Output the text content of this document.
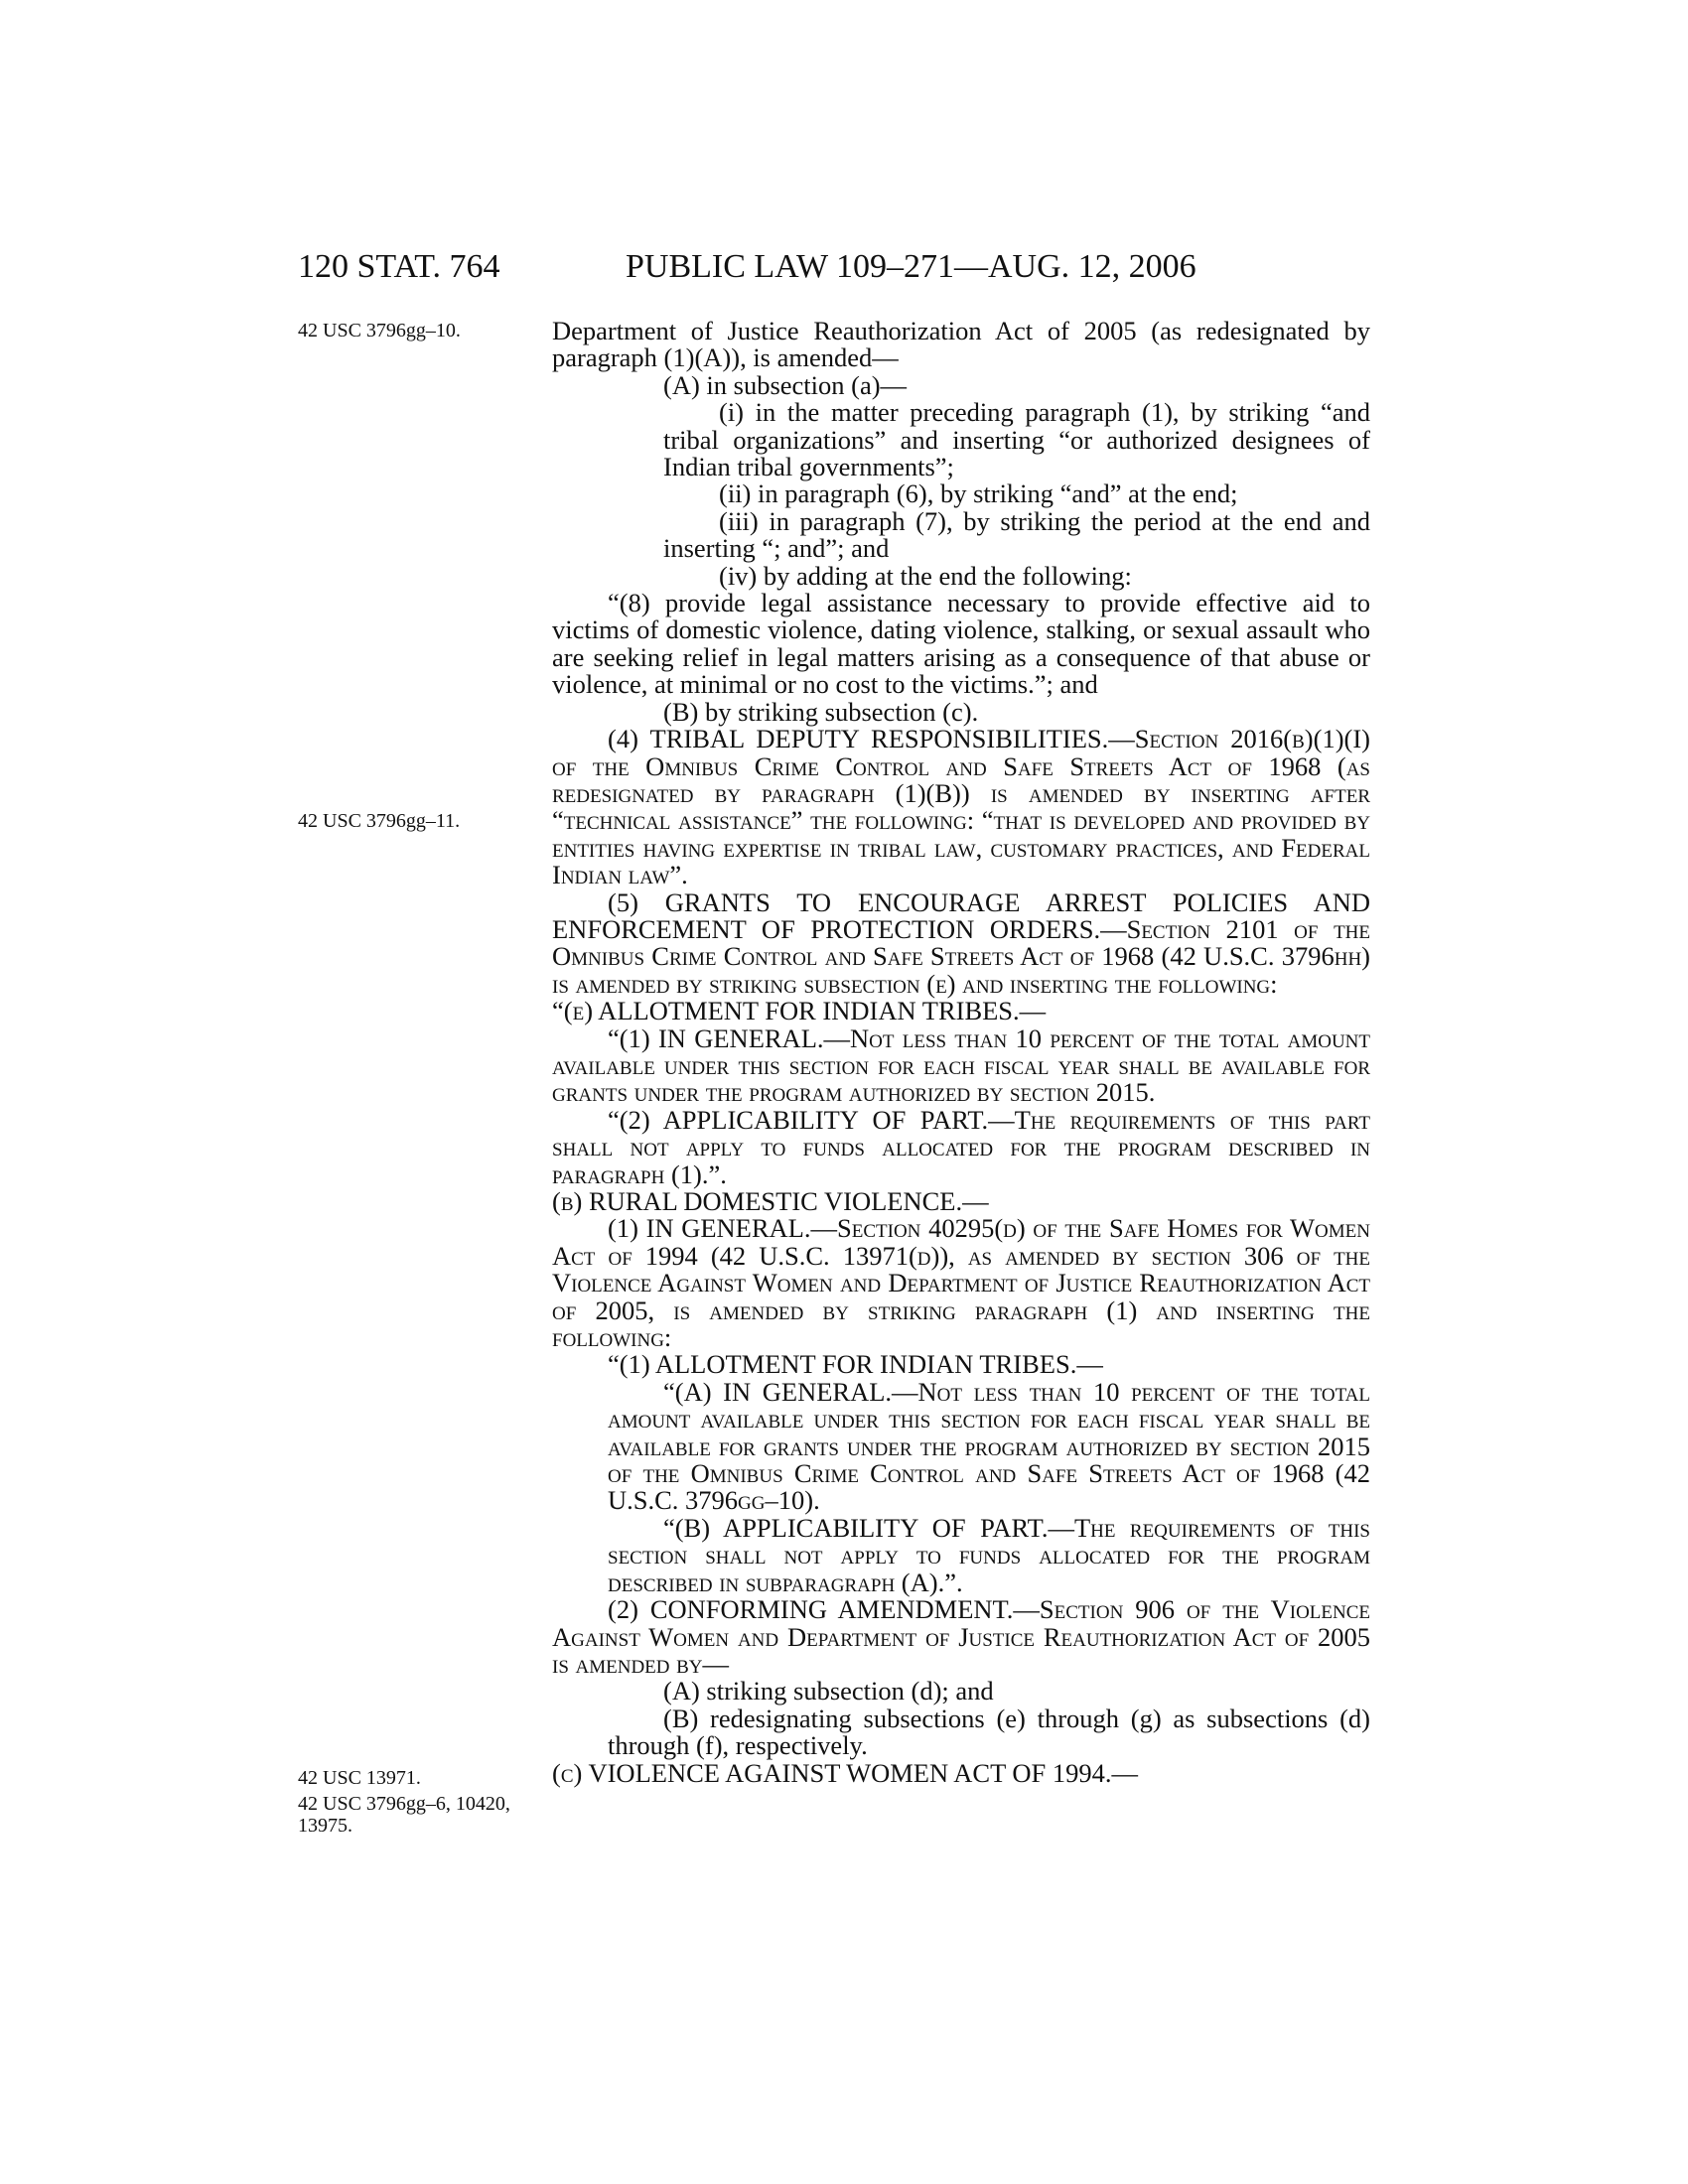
120 STAT. 764	PUBLIC LAW 109–271—AUG. 12, 2006
42 USC 3796gg–10.
42 USC 3796gg–11.
42 USC 13971.
42 USC 3796gg–6, 10420, 13975.
Department of Justice Reauthorization Act of 2005 (as redesignated by paragraph (1)(A)), is amended—
(A) in subsection (a)—
(i) in the matter preceding paragraph (1), by striking “and tribal organizations” and inserting “or authorized designees of Indian tribal governments”;
(ii) in paragraph (6), by striking “and” at the end;
(iii) in paragraph (7), by striking the period at the end and inserting “; and”; and
(iv) by adding at the end the following:
“(8) provide legal assistance necessary to provide effective aid to victims of domestic violence, dating violence, stalking, or sexual assault who are seeking relief in legal matters arising as a consequence of that abuse or violence, at minimal or no cost to the victims.”; and
(B) by striking subsection (c).
(4) TRIBAL DEPUTY RESPONSIBILITIES.—Section 2016(b)(1)(I) of the Omnibus Crime Control and Safe Streets Act of 1968 (as redesignated by paragraph (1)(B)) is amended by inserting after “technical assistance” the following: “that is developed and provided by entities having expertise in tribal law, customary practices, and Federal Indian law”.
(5) GRANTS TO ENCOURAGE ARREST POLICIES AND ENFORCEMENT OF PROTECTION ORDERS.—Section 2101 of the Omnibus Crime Control and Safe Streets Act of 1968 (42 U.S.C. 3796hh) is amended by striking subsection (e) and inserting the following:
“(e) ALLOTMENT FOR INDIAN TRIBES.—
“(1) IN GENERAL.—Not less than 10 percent of the total amount available under this section for each fiscal year shall be available for grants under the program authorized by section 2015.
“(2) APPLICABILITY OF PART.—The requirements of this part shall not apply to funds allocated for the program described in paragraph (1).”.
(b) RURAL DOMESTIC VIOLENCE.—
(1) IN GENERAL.—Section 40295(d) of the Safe Homes for Women Act of 1994 (42 U.S.C. 13971(d)), as amended by section 306 of the Violence Against Women and Department of Justice Reauthorization Act of 2005, is amended by striking paragraph (1) and inserting the following:
“(1) ALLOTMENT FOR INDIAN TRIBES.—
“(A) IN GENERAL.—Not less than 10 percent of the total amount available under this section for each fiscal year shall be available for grants under the program authorized by section 2015 of the Omnibus Crime Control and Safe Streets Act of 1968 (42 U.S.C. 3796gg–10).
“(B) APPLICABILITY OF PART.—The requirements of this section shall not apply to funds allocated for the program described in subparagraph (A).”.
(2) CONFORMING AMENDMENT.—Section 906 of the Violence Against Women and Department of Justice Reauthorization Act of 2005 is amended by—
(A) striking subsection (d); and
(B) redesignating subsections (e) through (g) as subsections (d) through (f), respectively.
(c) VIOLENCE AGAINST WOMEN ACT OF 1994.—
